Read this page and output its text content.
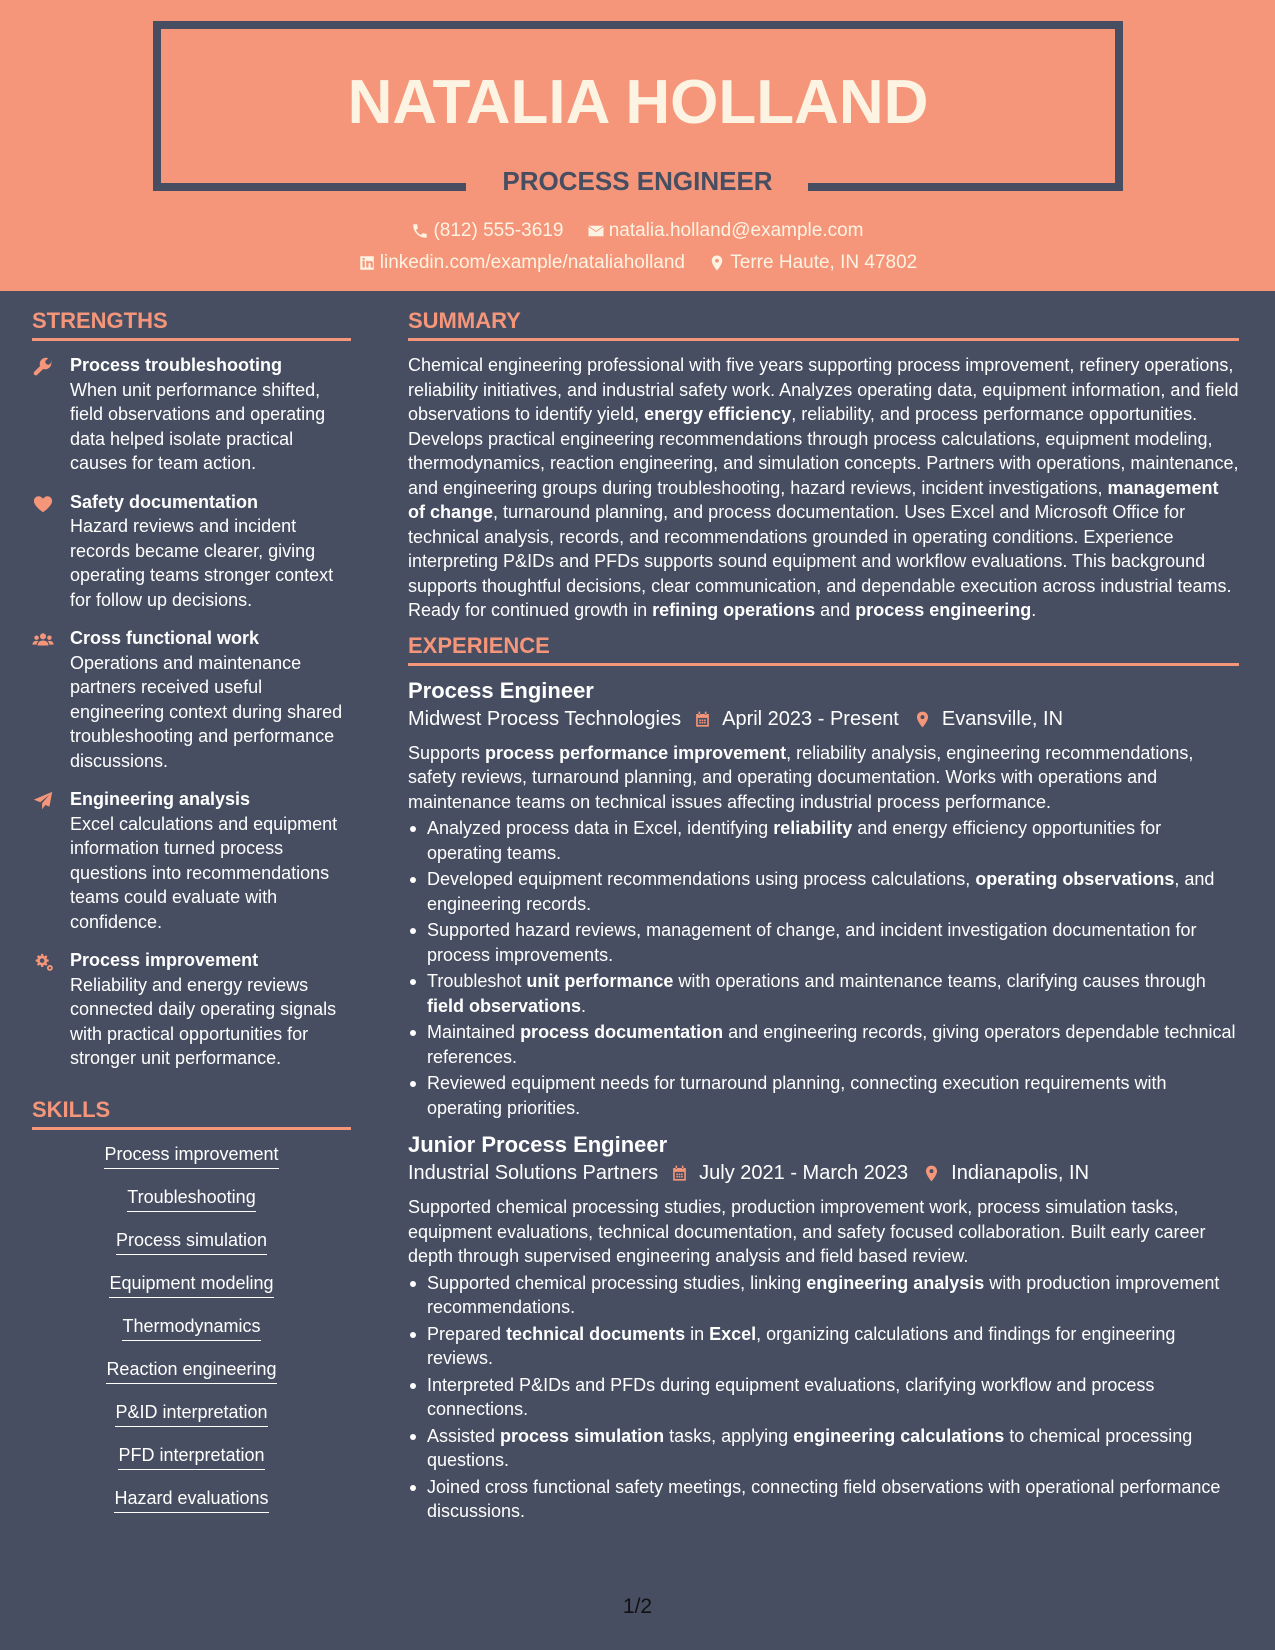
NATALIA HOLLAND
PROCESS ENGINEER
(812) 555-3619
natalia.holland@example.com
linkedin.com/example/nataliaholland
Terre Haute, IN 47802
STRENGTHS
Process troubleshooting
When unit performance shifted, field observations and operating data helped isolate practical causes for team action.
Safety documentation
Hazard reviews and incident records became clearer, giving operating teams stronger context for follow up decisions.
Cross functional work
Operations and maintenance partners received useful engineering context during shared troubleshooting and performance discussions.
Engineering analysis
Excel calculations and equipment information turned process questions into recommendations teams could evaluate with confidence.
Process improvement
Reliability and energy reviews connected daily operating signals with practical opportunities for stronger unit performance.
SKILLS
Process improvement
Troubleshooting
Process simulation
Equipment modeling
Thermodynamics
Reaction engineering
P&ID interpretation
PFD interpretation
Hazard evaluations
SUMMARY
Chemical engineering professional with five years supporting process improvement, refinery operations, reliability initiatives, and industrial safety work. Analyzes operating data, equipment information, and field observations to identify yield, energy efficiency, reliability, and process performance opportunities. Develops practical engineering recommendations through process calculations, equipment modeling, thermodynamics, reaction engineering, and simulation concepts. Partners with operations, maintenance, and engineering groups during troubleshooting, hazard reviews, incident investigations, management of change, turnaround planning, and process documentation. Uses Excel and Microsoft Office for technical analysis, records, and recommendations grounded in operating conditions. Experience interpreting P&IDs and PFDs supports sound equipment and workflow evaluations. This background supports thoughtful decisions, clear communication, and dependable execution across industrial teams. Ready for continued growth in refining operations and process engineering.
EXPERIENCE
Process Engineer
Midwest Process Technologies April 2023 - Present Evansville, IN
Supports process performance improvement, reliability analysis, engineering recommendations, safety reviews, turnaround planning, and operating documentation. Works with operations and maintenance teams on technical issues affecting industrial process performance.
Analyzed process data in Excel, identifying reliability and energy efficiency opportunities for operating teams.
Developed equipment recommendations using process calculations, operating observations, and engineering records.
Supported hazard reviews, management of change, and incident investigation documentation for process improvements.
Troubleshot unit performance with operations and maintenance teams, clarifying causes through field observations.
Maintained process documentation and engineering records, giving operators dependable technical references.
Reviewed equipment needs for turnaround planning, connecting execution requirements with operating priorities.
Junior Process Engineer
Industrial Solutions Partners July 2021 - March 2023 Indianapolis, IN
Supported chemical processing studies, production improvement work, process simulation tasks, equipment evaluations, technical documentation, and safety focused collaboration. Built early career depth through supervised engineering analysis and field based review.
Supported chemical processing studies, linking engineering analysis with production improvement recommendations.
Prepared technical documents in Excel, organizing calculations and findings for engineering reviews.
Interpreted P&IDs and PFDs during equipment evaluations, clarifying workflow and process connections.
Assisted process simulation tasks, applying engineering calculations to chemical processing questions.
Joined cross functional safety meetings, connecting field observations with operational performance discussions.
1/2
